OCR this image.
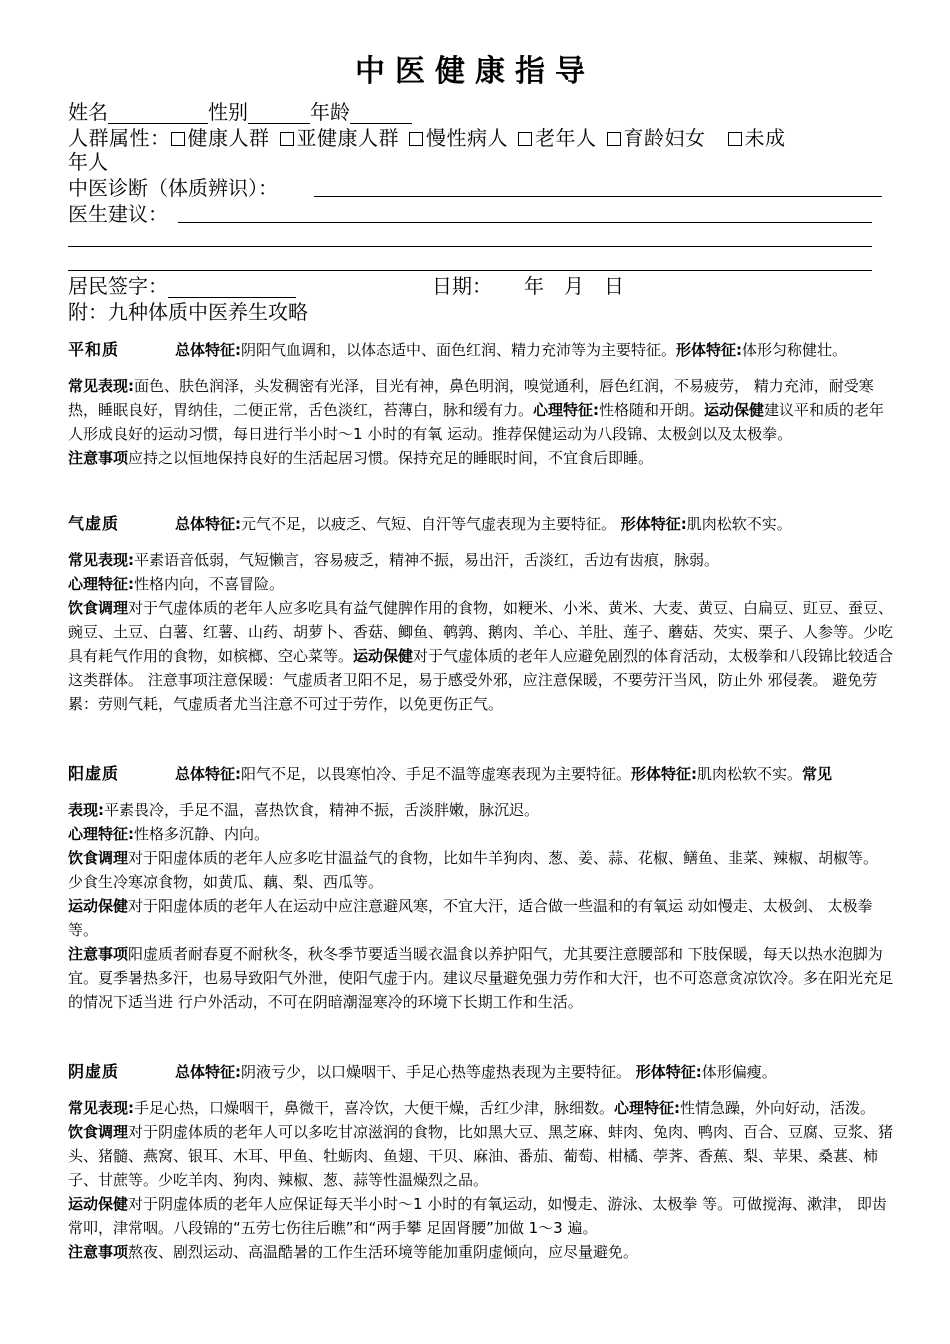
中医健康指导
姓名	性别	年龄
人群属性： 健康人群 亚健康人群 慢性病人 老年人 育龄妇女 未成
年人
中医诊断（体质辨识）：
医生建议：
居民签字：	日期： 年 月 日
附：九种体质中医养生攻略
平和质	总体特征:阴阳气血调和，以体态适中、面色红润、精力充沛等为主要特征。形体特征:体形匀称健壮。

常见表现:面色、肤色润泽，头发稠密有光泽，目光有神，鼻色明润，嗅觉通利，唇色红润，不易疲劳， 精力充沛，耐受寒热，睡眠良好，胃纳佳，二便正常，舌色淡红，苔薄白，脉和缓有力。心理特征:性格随和开朗。运动保健建议平和质的老年人形成良好的运动习惯，每日进行半小时～1 小时的有氧 运动。推荐保健运动为八段锦、太极剑以及太极拳。

注意事项应持之以恒地保持良好的生活起居习惯。保持充足的睡眠时间，不宜食后即睡。

气虚质	总体特征:元气不足，以疲乏、气短、自汗等气虚表现为主要特征。 形体特征:肌肉松软不实。

常见表现:平素语音低弱，气短懒言，容易疲乏，精神不振，易出汗，舌淡红，舌边有齿痕，脉弱。

心理特征:性格内向，不喜冒险。

饮食调理对于气虚体质的老年人应多吃具有益气健脾作用的食物，如粳米、小米、黄米、大麦、黄豆、白扁豆、豇豆、蚕豆、豌豆、土豆、白薯、红薯、山药、胡萝卜、香菇、鲫鱼、鹌鹑、鹅肉、羊心、羊肚、莲子、蘑菇、芡实、栗子、人参等。少吃具有耗气作用的食物，如槟榔、空心菜等。运动保健对于气虚体质的老年人应避免剧烈的体育活动，太极拳和八段锦比较适合这类群体。 注意事项注意保暖：气虚质者卫阳不足，易于感受外邪，应注意保暖，不要劳汗当风，防止外 邪侵袭。 避免劳累：劳则气耗，气虚质者尤当注意不可过于劳作，以免更伤正气。

阳虚质	总体特征:阳气不足，以畏寒怕冷、手足不温等虚寒表现为主要特征。形体特征:肌肉松软不实。常见

表现:平素畏冷，手足不温，喜热饮食，精神不振，舌淡胖嫩，脉沉迟。

心理特征:性格多沉静、内向。

饮食调理对于阳虚体质的老年人应多吃甘温益气的食物，比如牛羊狗肉、葱、姜、蒜、花椒、鳝鱼、韭菜、辣椒、胡椒等。 少食生冷寒凉食物，如黄瓜、藕、梨、西瓜等。

运动保健对于阳虚体质的老年人在运动中应注意避风寒，不宜大汗，适合做一些温和的有氧运 动如慢走、太极剑、 太极拳等。

注意事项阳虚质者耐春夏不耐秋冬，秋冬季节要适当暖衣温食以养护阳气，尤其要注意腰部和 下肢保暖，每天以热水泡脚为宜。夏季暑热多汗，也易导致阳气外泄，使阳气虚于内。建议尽量避免强力劳作和大汗，也不可恣意贪凉饮冷。多在阳光充足的情况下适当进 行户外活动，不可在阴暗潮湿寒冷的环境下长期工作和生活。

阴虚质	总体特征:阴液亏少，以口燥咽干、手足心热等虚热表现为主要特征。 形体特征:体形偏瘦。

常见表现:手足心热，口燥咽干，鼻微干，喜冷饮，大便干燥，舌红少津，脉细数。心理特征:性情急躁，外向好动，活泼。

饮食调理对于阴虚体质的老年人可以多吃甘凉滋润的食物，比如黑大豆、黑芝麻、蚌肉、兔肉、鸭肉、百合、豆腐、豆浆、猪头、猪髓、燕窝、银耳、木耳、甲鱼、牡蛎肉、鱼翅、干贝、麻油、番茄、葡萄、柑橘、荸荠、香蕉、梨、苹果、桑葚、柿子、甘蔗等。少吃羊肉、狗肉、辣椒、葱、蒜等性温燥烈之品。

运动保健对于阴虚体质的老年人应保证每天半小时～1 小时的有氧运动，如慢走、游泳、太极拳 等。可做搅海、漱津， 即齿常叩，津常咽。八段锦的“五劳七伤往后瞧”和“两手攀 足固肾腰”加做 1～3 遍。

注意事项熬夜、剧烈运动、高温酷暑的工作生活环境等能加重阴虚倾向，应尽量避免。
